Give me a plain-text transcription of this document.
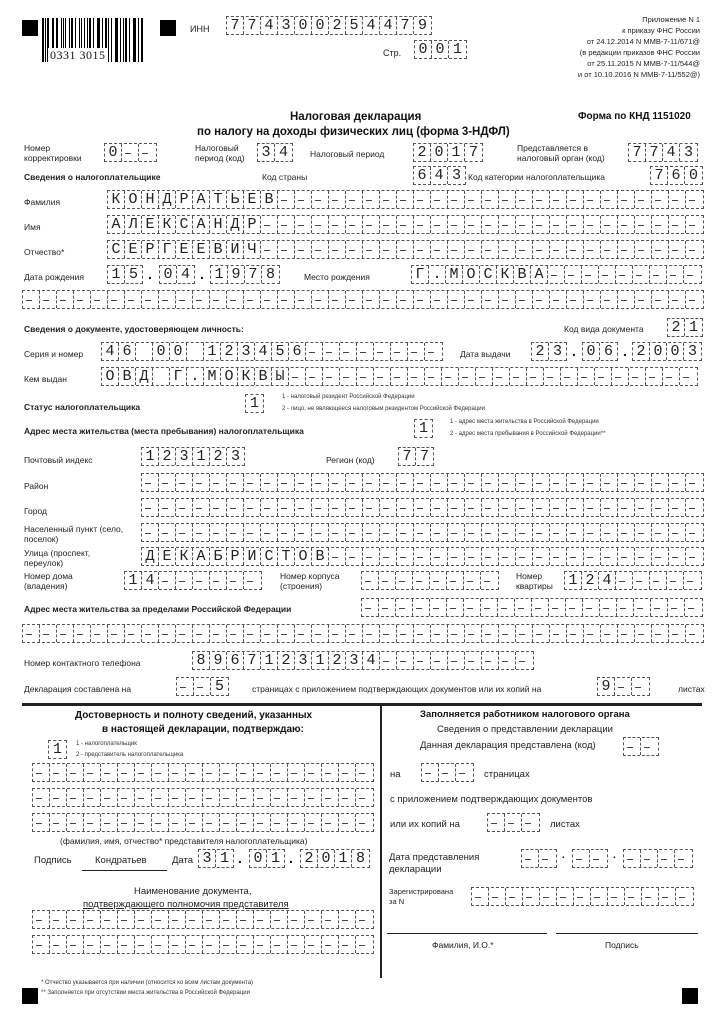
0331 3015
ИНН 7 7 4 3 0 0 2 5 4 4 7 9
Стр. 0 0 1
Приложение N 1
к приказу ФНС России
от 24.12.2014 N ММВ-7-11/671@
(в редакции приказов ФНС России
от 25.11.2015 N ММВ-7-11/544@
и от 10.10.2016 N ММВ-7-11/552@)
Налоговая декларация
по налогу на доходы физических лиц (форма 3-НДФЛ)
Форма по КНД 1151020
Номер корректировки	0	Налоговый период (код)	3 4	Налоговый период 2 0 1 7	Представляется в налоговый орган (код)	7 7 4 3
Сведения о налогоплательщике	Код страны	6 4 3 Код категории налогоплательщика	7 6 0
Фамилия	К О Н Д Р А Т Ь Е В
Имя	А Л Е К С А Н Д Р
Отчество*	С Е Р Г Е Е В И Ч
Дата рождения 1 5 . 0 4 . 1 9 7 8	Место рождения	Г . М О С К В А
Сведения о документе, удостоверяющем личность:	Код вида документа 2 1
Серия и номер 4 6	0 0	1 2 3 4 5 6	Дата выдачи 2 3 . 0 6 . 2 0 0 3
Кем выдан	О В Д	Г . М О К В Ы
Статус налогоплательщика	1	1 - налоговый резидент Российской Федерации
2 - лицо, не являющееся налоговым резидентом Российской Федерации
Адрес места жительства (места пребывания) налогоплательщика	1	1 - адрес места жительства в Российской Федерации
2 - адрес места пребывания в Российской Федерации**
Почтовый индекс	1 2 3 1 2 3	Регион (код) 7 7
Район
Город
Населенный пункт (село, поселок)
Улица (проспект, переулок)	Д Е К А Б Р И С Т О В
Номер дома (владения)	1 4	Номер корпуса (строения)
Номер квартиры	1 2 4
Адрес места жительства за пределами Российской Федерации
Номер контактного телефона	8 9 6 7 1 2 3 1 2 3 4
Декларация составлена на	5	страницах с приложением подтверждающих документов или их копий на	9	листах
Достоверность и полноту сведений, указанных
в настоящей декларации, подтверждаю:
1	1 - налогоплательщик
2 - представитель налогоплательщика
(фамилия, имя, отчество* представителя налогоплательщика)
Подпись Кондратьев	Дата 3 1 . 0 1 . 2 0 1 8
Наименование документа,
подтверждающего полномочия представителя
Заполняется работником налогового органа
Сведения о представлении декларации
Данная декларация представлена (код)
на	страницах
с приложением подтверждающих документов
или их копий на	листах
Дата представления декларации
.	.
Зарегистрирована за N
Фамилия, И.О.*	Подпись
* Отчество указывается при наличии (относится ко всем листам документа)
** Заполняется при отсутствии места жительства в Российской Федерации
